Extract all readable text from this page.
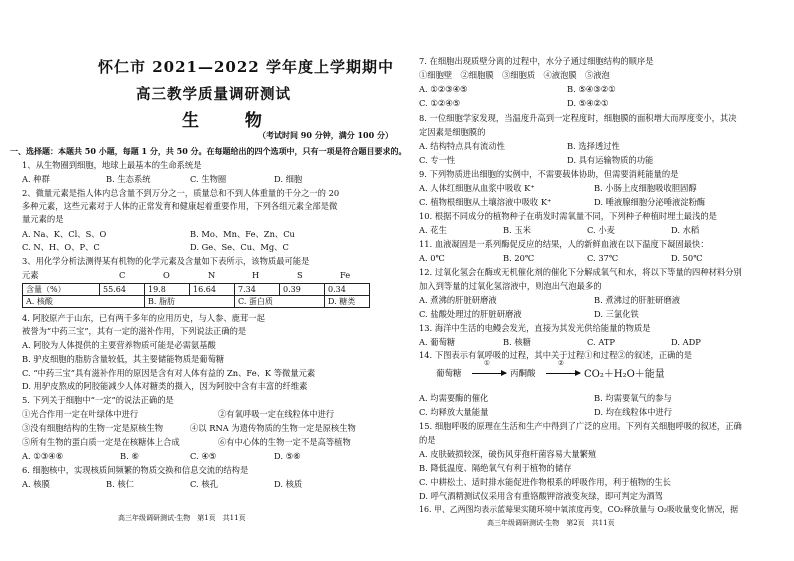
怀仁市 2021—2022 学年度上学期期中
高三教学质量调研测试
生 物
（考试时间 90 分钟，满分 100 分）
一、选择题：本题共 50 小题，每题 1 分，共 50 分。在每题给出的四个选项中，只有一项是符合题目要求的。
1、从生物圈到细胞，地球上最基本的生命系统是
A. 种群	B. 生态系统	C. 生物圈	D. 细胞
2、微量元素是指人体内总含量不到万分之一，质量总和不到人体重量的千分之一的 20
多种元素，这些元素对于人体的正常发育和健康起着重要作用，下列各组元素全部是微
量元素的是
A. Na、K、Cl、S、O	B. Mo、Mn、Fe、Zn、Cu
C. N、H、O、P、C	D. Ge、Se、Cu、Mg、C
3、用化学分析法测得某有机物的化学元素及含量如下表所示，该物质最可能是
元素	C	O	N	H	S	Fe
含量（%）	55.64	19.8	16.64	7.34	0.39	0.34
A. 核酸		B. 脂肪		C. 蛋白质		D. 糖类
4. 阿胶原产于山东，已有两千多年的应用历史，与人参、鹿茸一起
被誉为“中药三宝”，其有一定的滋补作用，下列说法正确的是
A. 阿胶为人体提供的主要营养物质可能是必需氨基酸
B. 驴皮细胞的脂肪含量较低，其主要储能物质是葡萄糖
C. “中药三宝”具有滋补作用的原因是含有对人体有益的 Zn、Fe、K 等微量元素
D. 用驴皮熬成的阿胶能减少人体对糖类的摄入，因为阿胶中含有丰富的纤维素
5. 下列关于细胞中“一定”的说法正确的是
①光合作用一定在叶绿体中进行	②有氧呼吸一定在线粒体中进行
③没有细胞结构的生物一定是原核生物	④以 RNA 为遗传物质的生物一定是原核生物
⑤所有生物的蛋白质一定是在核糖体上合成	⑥有中心体的生物一定不是高等植物
A. ①③④⑥	B. ⑥	C. ④⑤	D. ⑤⑥
6. 细胞核中，实现核质间频繁的物质交换和信息交流的结构是
A. 核膜	B. 核仁	C. 核孔	D. 核质
高三年级调研测试·生物　第1页　共11页
7. 在细胞出现质壁分离的过程中，水分子通过细胞结构的顺序是
①细胞壁　②细胞膜　③细胞质　④液泡膜　⑤液泡
A. ①②③④⑤	B. ⑤④③②①
C. ①②④⑤	D. ⑤④②①
8. 一位细胞学家发现，当温度升高到一定程度时，细胞膜的面积增大而厚度变小，其决
定因素是细胞膜的
A. 结构特点具有流动性	B. 选择透过性
C. 专一性	D. 具有运输物质的功能
9. 下列物质进出细胞的实例中，不需要载体协助，但需要消耗能量的是
A. 人体红细胞从血浆中吸收 K⁺	B. 小肠上皮细胞吸收胆固醇
C. 植物根细胞从土壤溶液中吸收 K⁺	D. 唾液腺细胞分泌唾液淀粉酶
10. 根据不同成分的植物种子在萌发时需氧量不同，下列种子种植时埋土最浅的是
A. 花生	B. 玉米	C. 小麦	D. 水稻
11. 血液凝固是一系列酶促反应的结果，人的新鲜血液在以下温度下凝固最快：
A. 0℃	B. 20℃	C. 37℃	D. 50℃
12. 过氧化氢会在酶或无机催化剂的催化下分解成氧气和水，将以下等量的四种材料分别
加入到等量的过氧化氢溶液中，则泡出气泡最多的
A. 煮沸的肝脏研磨液	B. 煮沸过的肝脏研磨液
C. 盐酸处理过的肝脏研磨液	D. 三氯化铁
13. 海洋中生活的电鳗会发光，直接为其发光供给能量的物质是
A. 葡萄糖	B. 核糖	C. ATP	D. ADP
14. 下图表示有氧呼吸的过程，其中关于过程①和过程②的叙述，正确的是
葡萄糖
①
丙酮酸
②
CO₂＋H₂O＋能量
A. 均需要酶的催化	B. 均需要氧气的参与
C. 均释放大量能量	D. 均在线粒体中进行
15. 细胞呼吸的原理在生活和生产中得到了广泛的应用。下列有关细胞呼吸的叙述，正确
的是
A. 皮肤破损较深，破伤风芽孢杆菌容易大量繁殖
B. 降低温度、隔绝氧气有利于植物的储存
C. 中耕松土、适时排水能促进作物根系的呼吸作用，利于植物的生长
D. 呼气酒精测试仪采用含有重铬酸钾溶液变灰绿，即可判定为酒驾
16. 甲、乙两图均表示蓝莓果实随环境中氧浓度再变，CO₂释放量与 O₂吸收量变化情况，据
高三年级调研测试·生物　第2页　共11页
